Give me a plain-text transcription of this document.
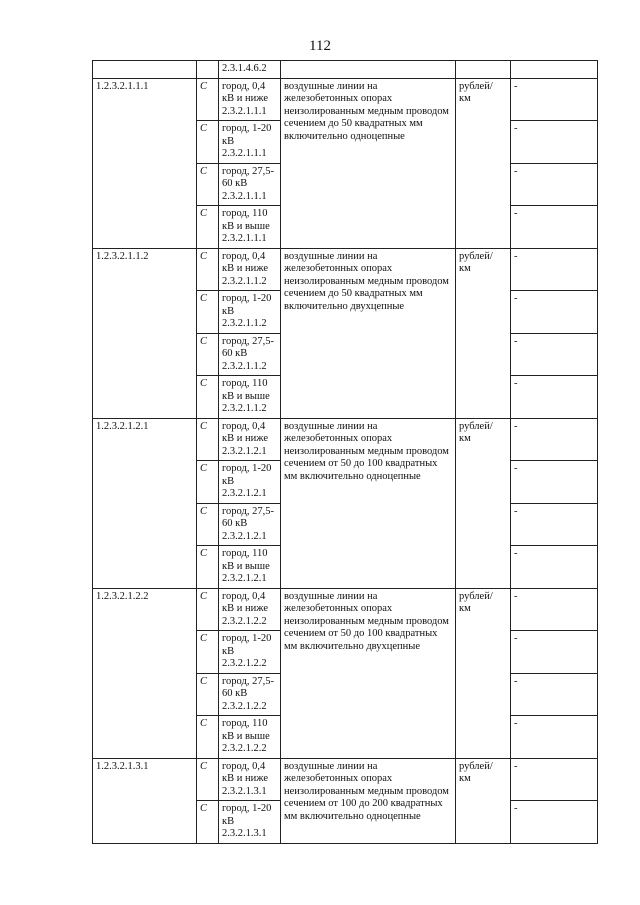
112
		2.3.1.4.6.2			
1.2.3.2.1.1.1	С	город, 0,4 кВ и ниже 2.3.2.1.1.1	воздушные линии на железобетонных опорах неизолированным медным проводом сечением до 50 квадратных мм включительно одноцепные	рублей/ км	-
	С	город, 1-20 кВ 2.3.2.1.1.1			-
	С	город, 27,5-60 кВ 2.3.2.1.1.1			-
	С	город, 110 кВ и выше 2.3.2.1.1.1			-
1.2.3.2.1.1.2	С	город, 0,4 кВ и ниже 2.3.2.1.1.2	воздушные линии на железобетонных опорах неизолированным медным проводом сечением до 50 квадратных мм включительно двухцепные	рублей/ км	-
	С	город, 1-20 кВ 2.3.2.1.1.2			-
	С	город, 27,5-60 кВ 2.3.2.1.1.2			-
	С	город, 110 кВ и выше 2.3.2.1.1.2			-
1.2.3.2.1.2.1	С	город, 0,4 кВ и ниже 2.3.2.1.2.1	воздушные линии на железобетонных опорах неизолированным медным проводом сечением от 50 до 100 квадратных мм включительно одноцепные	рублей/ км	-
	С	город, 1-20 кВ 2.3.2.1.2.1			-
	С	город, 27,5-60 кВ 2.3.2.1.2.1			-
	С	город, 110 кВ и выше 2.3.2.1.2.1			-
1.2.3.2.1.2.2	С	город, 0,4 кВ и ниже 2.3.2.1.2.2	воздушные линии на железобетонных опорах неизолированным медным проводом сечением от 50 до 100 квадратных мм включительно двухцепные	рублей/ км	-
	С	город, 1-20 кВ 2.3.2.1.2.2			-
	С	город, 27,5-60 кВ 2.3.2.1.2.2			-
	С	город, 110 кВ и выше 2.3.2.1.2.2			-
1.2.3.2.1.3.1	С	город, 0,4 кВ и ниже 2.3.2.1.3.1	воздушные линии на железобетонных опорах неизолированным медным проводом сечением от 100 до 200 квадратных мм включительно одноцепные	рублей/ км	-
	С	город, 1-20 кВ 2.3.2.1.3.1			-
